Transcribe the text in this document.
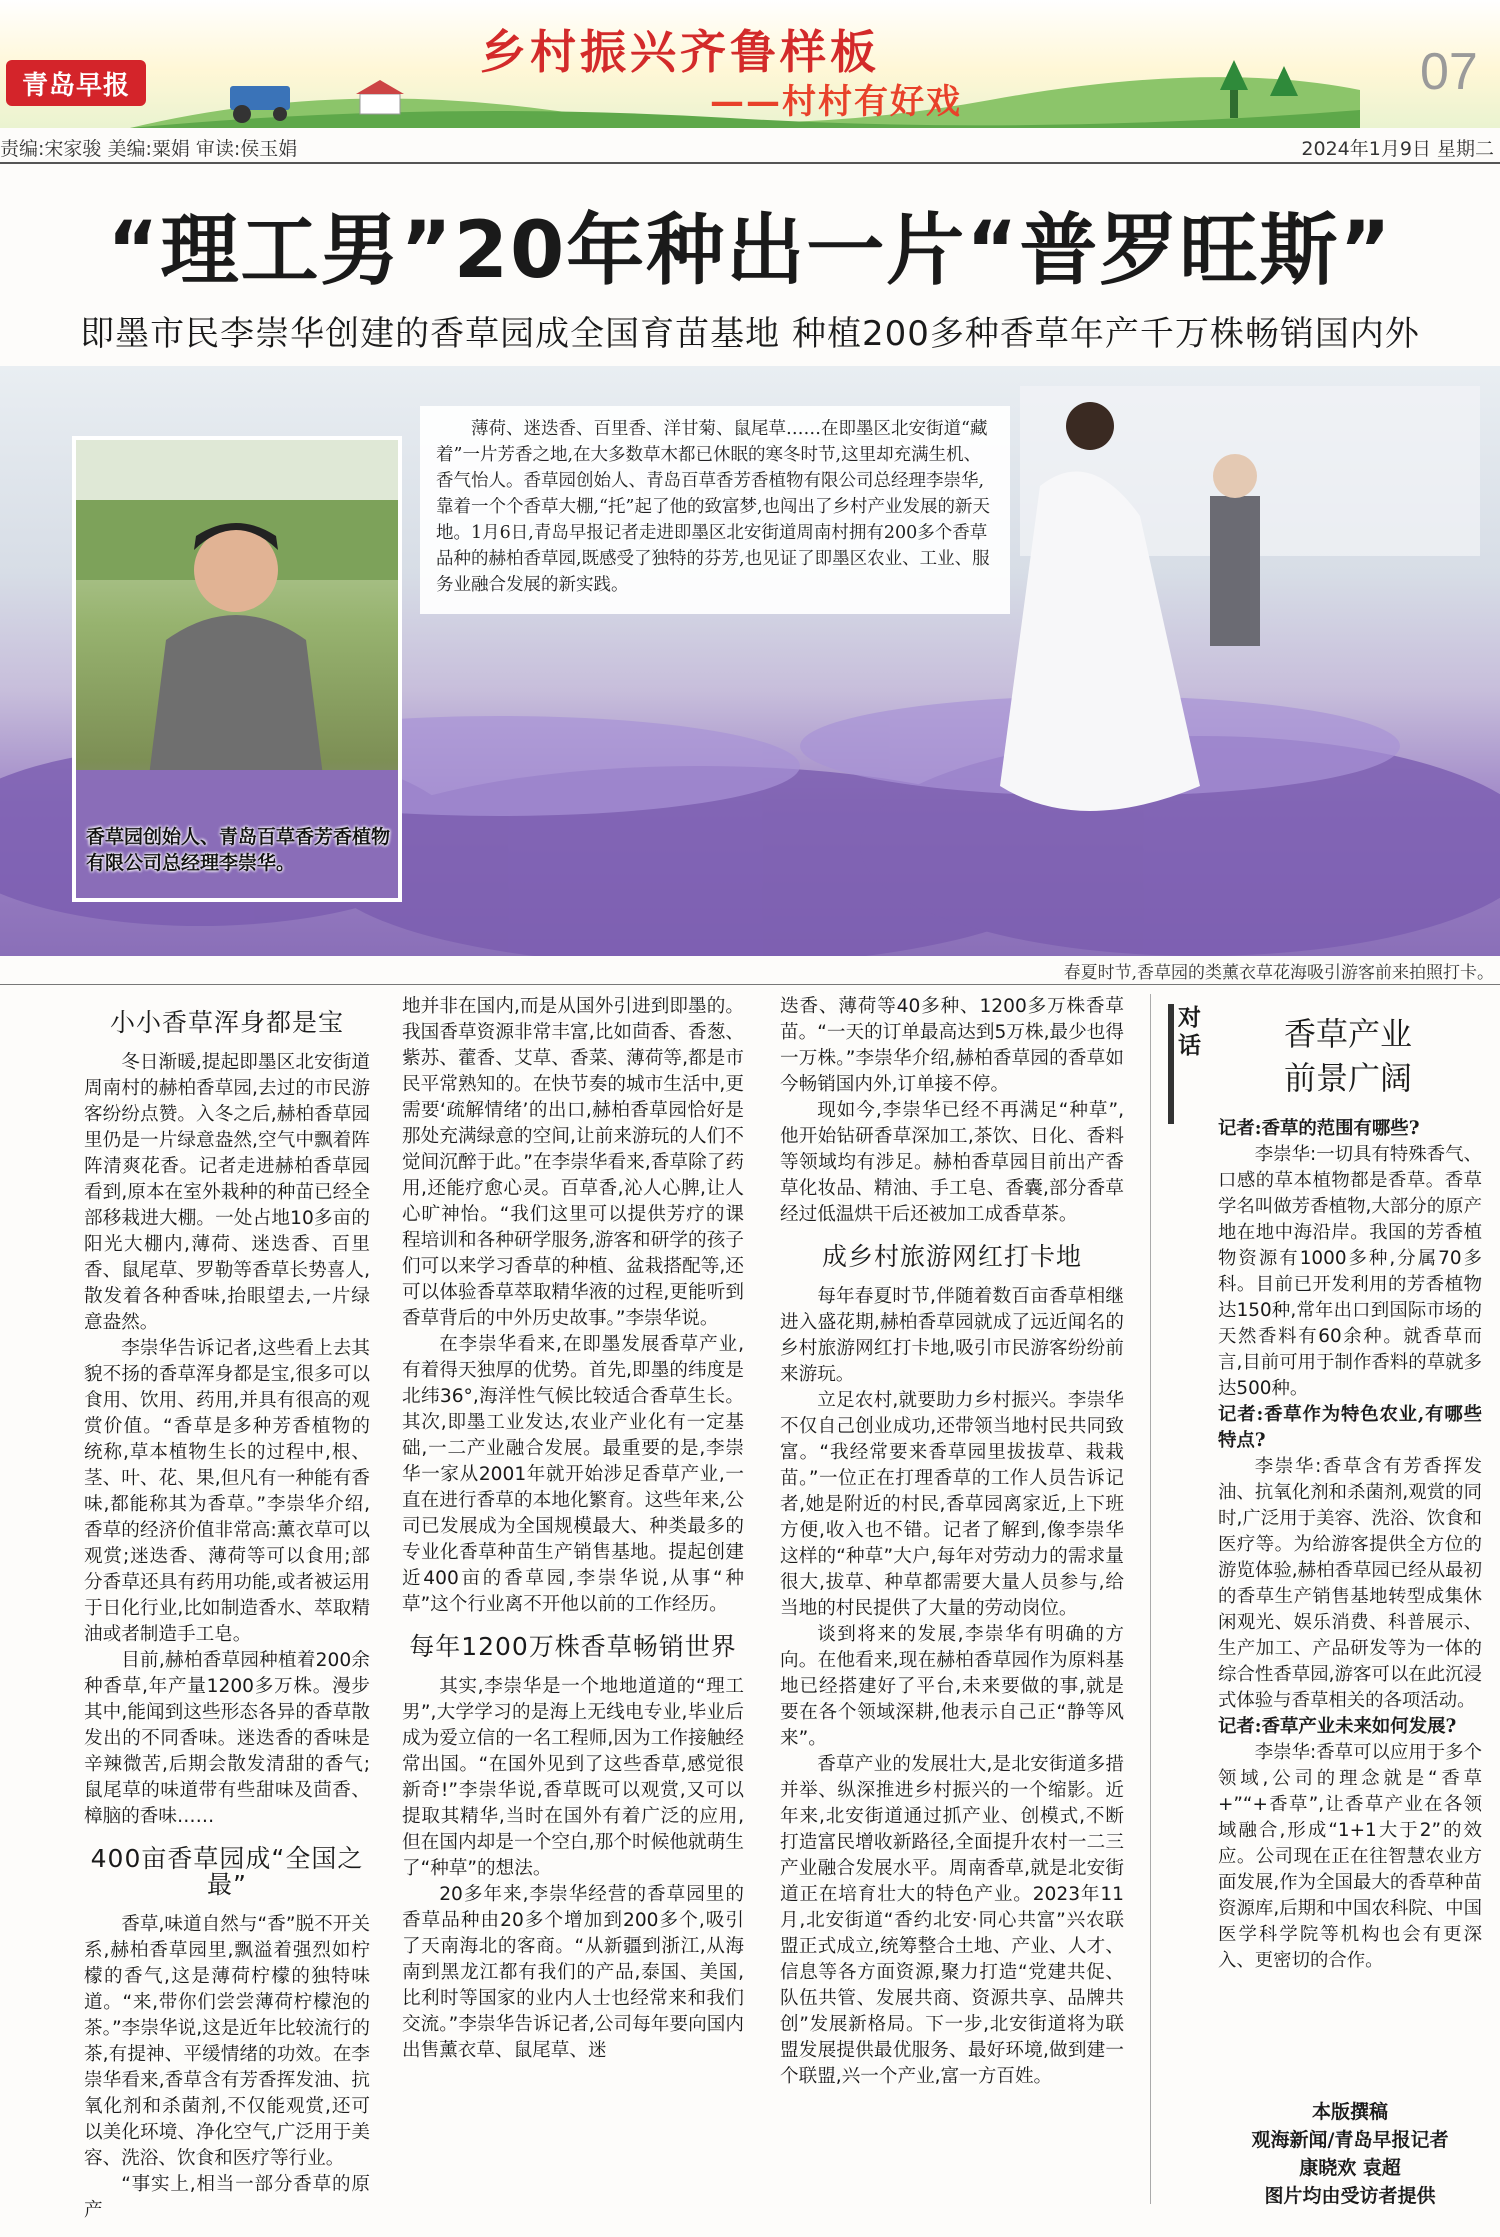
青岛早报
乡村振兴齐鲁样板
——村村有好戏
07
责编:宋家骏 美编:粟娟 审读:侯玉娟	2024年1月9日 星期二
“理工男”20年种出一片“普罗旺斯”
即墨市民李崇华创建的香草园成全国育苗基地 种植200多种香草年产千万株畅销国内外
薄荷、迷迭香、百里香、洋甘菊、鼠尾草……在即墨区北安街道“藏着”一片芳香之地,在大多数草木都已休眠的寒冬时节,这里却充满生机、香气怡人。香草园创始人、青岛百草香芳香植物有限公司总经理李崇华,靠着一个个香草大棚,“托”起了他的致富梦,也闯出了乡村产业发展的新天地。1月6日,青岛早报记者走进即墨区北安街道周南村拥有200多个香草品种的赫柏香草园,既感受了独特的芬芳,也见证了即墨区农业、工业、服务业融合发展的新实践。
香草园创始人、青岛百草香芳香植物有限公司总经理李崇华。
春夏时节,香草园的类薰衣草花海吸引游客前来拍照打卡。
小小香草浑身都是宝

冬日渐暖,提起即墨区北安街道周南村的赫柏香草园,去过的市民游客纷纷点赞。入冬之后,赫柏香草园里仍是一片绿意盎然,空气中飘着阵阵清爽花香。记者走进赫柏香草园看到,原本在室外栽种的种苗已经全部移栽进大棚。一处占地10多亩的阳光大棚内,薄荷、迷迭香、百里香、鼠尾草、罗勒等香草长势喜人,散发着各种香味,抬眼望去,一片绿意盎然。

李崇华告诉记者,这些看上去其貌不扬的香草浑身都是宝,很多可以食用、饮用、药用,并具有很高的观赏价值。“香草是多种芳香植物的统称,草本植物生长的过程中,根、茎、叶、花、果,但凡有一种能有香味,都能称其为香草。”李崇华介绍,香草的经济价值非常高:薰衣草可以观赏;迷迭香、薄荷等可以食用;部分香草还具有药用功能,或者被运用于日化行业,比如制造香水、萃取精油或者制造手工皂。

目前,赫柏香草园种植着200余种香草,年产量1200多万株。漫步其中,能闻到这些形态各异的香草散发出的不同香味。迷迭香的香味是辛辣微苦,后期会散发清甜的香气;鼠尾草的味道带有些甜味及茴香、樟脑的香味……

400亩香草园成“全国之最”

香草,味道自然与“香”脱不开关系,赫柏香草园里,飘溢着强烈如柠檬的香气,这是薄荷柠檬的独特味道。“来,带你们尝尝薄荷柠檬泡的茶。”李崇华说,这是近年比较流行的茶,有提神、平缓情绪的功效。在李崇华看来,香草含有芳香挥发油、抗氧化剂和杀菌剂,不仅能观赏,还可以美化环境、净化空气,广泛用于美容、洗浴、饮食和医疗等行业。

“事实上,相当一部分香草的原产

地并非在国内,而是从国外引进到即墨的。我国香草资源非常丰富,比如茴香、香葱、紫苏、藿香、艾草、香菜、薄荷等,都是市民平常熟知的。在快节奏的城市生活中,更需要‘疏解情绪’的出口,赫柏香草园恰好是那处充满绿意的空间,让前来游玩的人们不觉间沉醉于此。”在李崇华看来,香草除了药用,还能疗愈心灵。百草香,沁人心脾,让人心旷神怡。“我们这里可以提供芳疗的课程培训和各种研学服务,游客和研学的孩子们可以来学习香草的种植、盆栽搭配等,还可以体验香草萃取精华液的过程,更能听到香草背后的中外历史故事。”李崇华说。

在李崇华看来,在即墨发展香草产业,有着得天独厚的优势。首先,即墨的纬度是北纬36°,海洋性气候比较适合香草生长。其次,即墨工业发达,农业产业化有一定基础,一二产业融合发展。最重要的是,李崇华一家从2001年就开始涉足香草产业,一直在进行香草的本地化繁育。这些年来,公司已发展成为全国规模最大、种类最多的专业化香草种苗生产销售基地。提起创建近400亩的香草园,李崇华说,从事“种草”这个行业离不开他以前的工作经历。

每年1200万株香草畅销世界

其实,李崇华是一个地地道道的“理工男”,大学学习的是海上无线电专业,毕业后成为爱立信的一名工程师,因为工作接触经常出国。“在国外见到了这些香草,感觉很新奇!”李崇华说,香草既可以观赏,又可以提取其精华,当时在国外有着广泛的应用,但在国内却是一个空白,那个时候他就萌生了“种草”的想法。

20多年来,李崇华经营的香草园里的香草品种由20多个增加到200多个,吸引了天南海北的客商。“从新疆到浙江,从海南到黑龙江都有我们的产品,泰国、美国,比利时等国家的业内人士也经常来和我们交流。”李崇华告诉记者,公司每年要向国内出售薰衣草、鼠尾草、迷

迭香、薄荷等40多种、1200多万株香草苗。“一天的订单最高达到5万株,最少也得一万株。”李崇华介绍,赫柏香草园的香草如今畅销国内外,订单接不停。

现如今,李崇华已经不再满足“种草”,他开始钻研香草深加工,茶饮、日化、香料等领域均有涉足。赫柏香草园目前出产香草化妆品、精油、手工皂、香囊,部分香草经过低温烘干后还被加工成香草茶。

成乡村旅游网红打卡地

每年春夏时节,伴随着数百亩香草相继进入盛花期,赫柏香草园就成了远近闻名的乡村旅游网红打卡地,吸引市民游客纷纷前来游玩。

立足农村,就要助力乡村振兴。李崇华不仅自己创业成功,还带领当地村民共同致富。“我经常要来香草园里拔拔草、栽栽苗。”一位正在打理香草的工作人员告诉记者,她是附近的村民,香草园离家近,上下班方便,收入也不错。记者了解到,像李崇华这样的“种草”大户,每年对劳动力的需求量很大,拔草、种草都需要大量人员参与,给当地的村民提供了大量的劳动岗位。

谈到将来的发展,李崇华有明确的方向。在他看来,现在赫柏香草园作为原料基地已经搭建好了平台,未来要做的事,就是要在各个领域深耕,他表示自己正“静等风来”。

香草产业的发展壮大,是北安街道多措并举、纵深推进乡村振兴的一个缩影。近年来,北安街道通过抓产业、创模式,不断打造富民增收新路径,全面提升农村一二三产业融合发展水平。周南香草,就是北安街道正在培育壮大的特色产业。2023年11月,北安街道“香约北安·同心共富”兴农联盟正式成立,统筹整合土地、产业、人才、信息等各方面资源,聚力打造“党建共促、队伍共管、发展共商、资源共享、品牌共创”发展新格局。下一步,北安街道将为联盟发展提供最优服务、最好环境,做到建一个联盟,兴一个产业,富一方百姓。

对话	香草产业
前景广阔
记者:香草的范围有哪些?
李崇华:一切具有特殊香气、口感的草本植物都是香草。香草学名叫做芳香植物,大部分的原产地在地中海沿岸。我国的芳香植物资源有1000多种,分属70多科。目前已开发利用的芳香植物达150种,常年出口到国际市场的天然香料有60余种。就香草而言,目前可用于制作香料的草就多达500种。
记者:香草作为特色农业,有哪些特点?
李崇华:香草含有芳香挥发油、抗氧化剂和杀菌剂,观赏的同时,广泛用于美容、洗浴、饮食和医疗等。为给游客提供全方位的游览体验,赫柏香草园已经从最初的香草生产销售基地转型成集休闲观光、娱乐消费、科普展示、生产加工、产品研发等为一体的综合性香草园,游客可以在此沉浸式体验与香草相关的各项活动。
记者:香草产业未来如何发展?
李崇华:香草可以应用于多个领域,公司的理念就是“香草+”“+香草”,让香草产业在各领域融合,形成“1+1大于2”的效应。公司现在正在往智慧农业方面发展,作为全国最大的香草种苗资源库,后期和中国农科院、中国医学科学院等机构也会有更深入、更密切的合作。
本版撰稿
观海新闻/青岛早报记者
康晓欢 袁超
图片均由受访者提供
